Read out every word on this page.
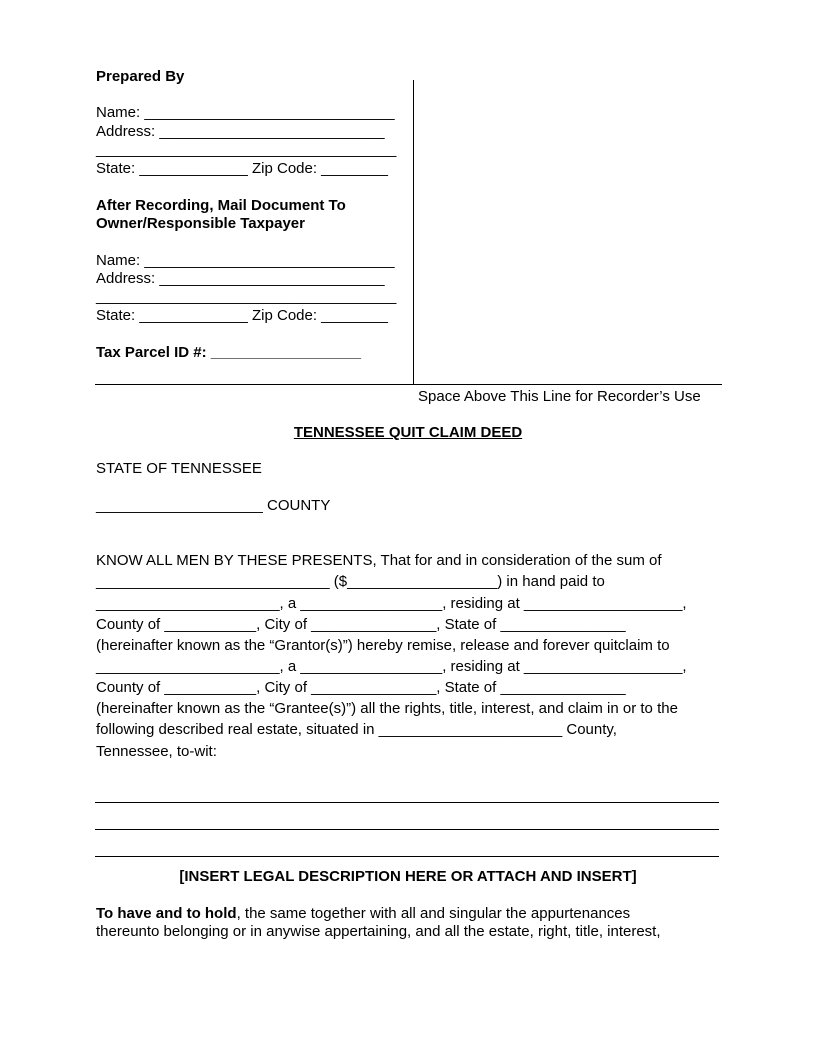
Prepared By
Name: ______________________________
Address: ___________________________
____________________________________
State: _____________ Zip Code: ________
After Recording, Mail Document To
Owner/Responsible Taxpayer
Name: ______________________________
Address: ___________________________
____________________________________
State: _____________ Zip Code: ________
Tax Parcel ID #: __________________
Space Above This Line for Recorder’s Use
TENNESSEE QUIT CLAIM DEED
STATE OF TENNESSEE
____________________ COUNTY
KNOW ALL MEN BY THESE PRESENTS, That for and in consideration of the sum of
____________________________ ($__________________) in hand paid to
______________________, a _________________, residing at ___________________,
County of ___________, City of _______________, State of _______________
(hereinafter known as the “Grantor(s)”) hereby remise, release and forever quitclaim to
______________________, a _________________, residing at ___________________,
County of ___________, City of _______________, State of _______________
(hereinafter known as the “Grantee(s)”) all the rights, title, interest, and claim in or to the
following described real estate, situated in ______________________ County,
Tennessee, to-wit:
[INSERT LEGAL DESCRIPTION HERE OR ATTACH AND INSERT]
To have and to hold, the same together with all and singular the appurtenances
thereunto belonging or in anywise appertaining, and all the estate, right, title, interest,
